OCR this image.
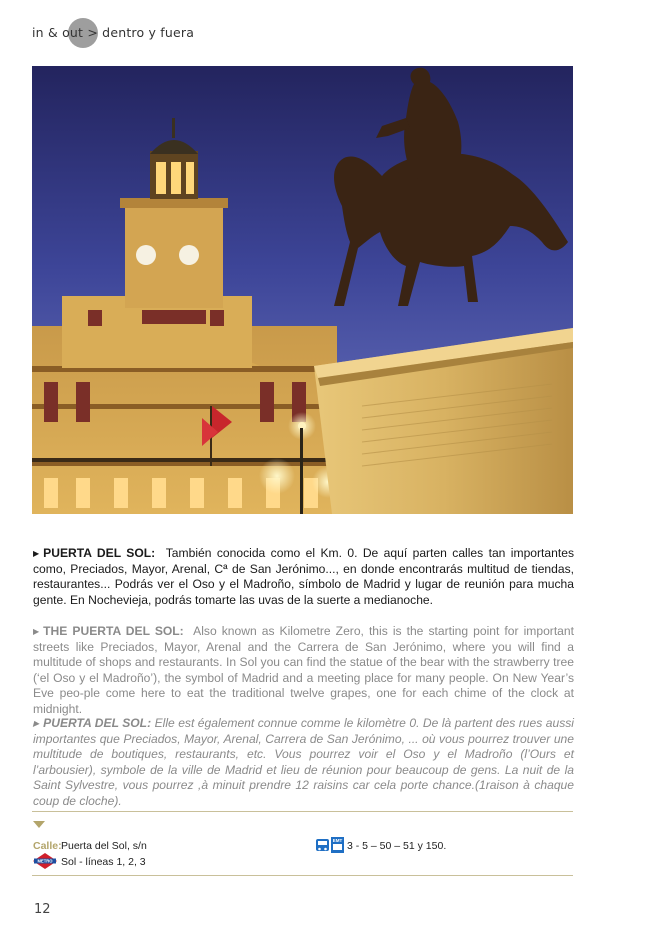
in & out > dentro y fuera
▶ PUERTA DEL SOL: También conocida como el Km. 0. De aquí parten calles tan importantes como, Preciados, Mayor, Arenal, Cª de San Jerónimo..., en donde encontrarás multitud de tiendas, restaurantes... Podrás ver el Oso y el Madroño, símbolo de Madrid y lugar de reunión para mucha gente. En Nochevieja, podrás tomarte las uvas de la suerte a medianoche.
▶ THE PUERTA DEL SOL: Also known as Kilometre Zero, this is the starting point for important streets like Preciados, Mayor, Arenal and the Carrera de San Jerónimo, where you will find a multitude of shops and restaurants. In Sol you can find the statue of the bear with the strawberry tree (‘el Oso y el Madroño’), the symbol of Madrid and a meeting place for many people. On New Year’s Eve peo-ple come here to eat the traditional twelve grapes, one for each chime of the clock at midnight.
▶ PUERTA DEL SOL: Elle est également connue comme le kilomètre 0. De là partent des rues aussi importantes que Preciados, Mayor, Arenal, Carrera de San Jerónimo, ... où vous pourrez trouver une multitude de boutiques, restaurants, etc. Vous pourrez voir el Oso y el Madroño (l’Ours et l’arbousier), symbole de la ville de Madrid et lieu de réunion pour beaucoup de gens. La nuit de la Saint Sylvestre, vous pourrez ,à minuit prendre 12 raisins car cela porte chance.(1raison à chaque coup de cloche).
Calle: Puerta del Sol, s/n
METRO Sol - líneas 1, 2, 3
EMT 3 - 5 – 50 – 51 y 150.
12
